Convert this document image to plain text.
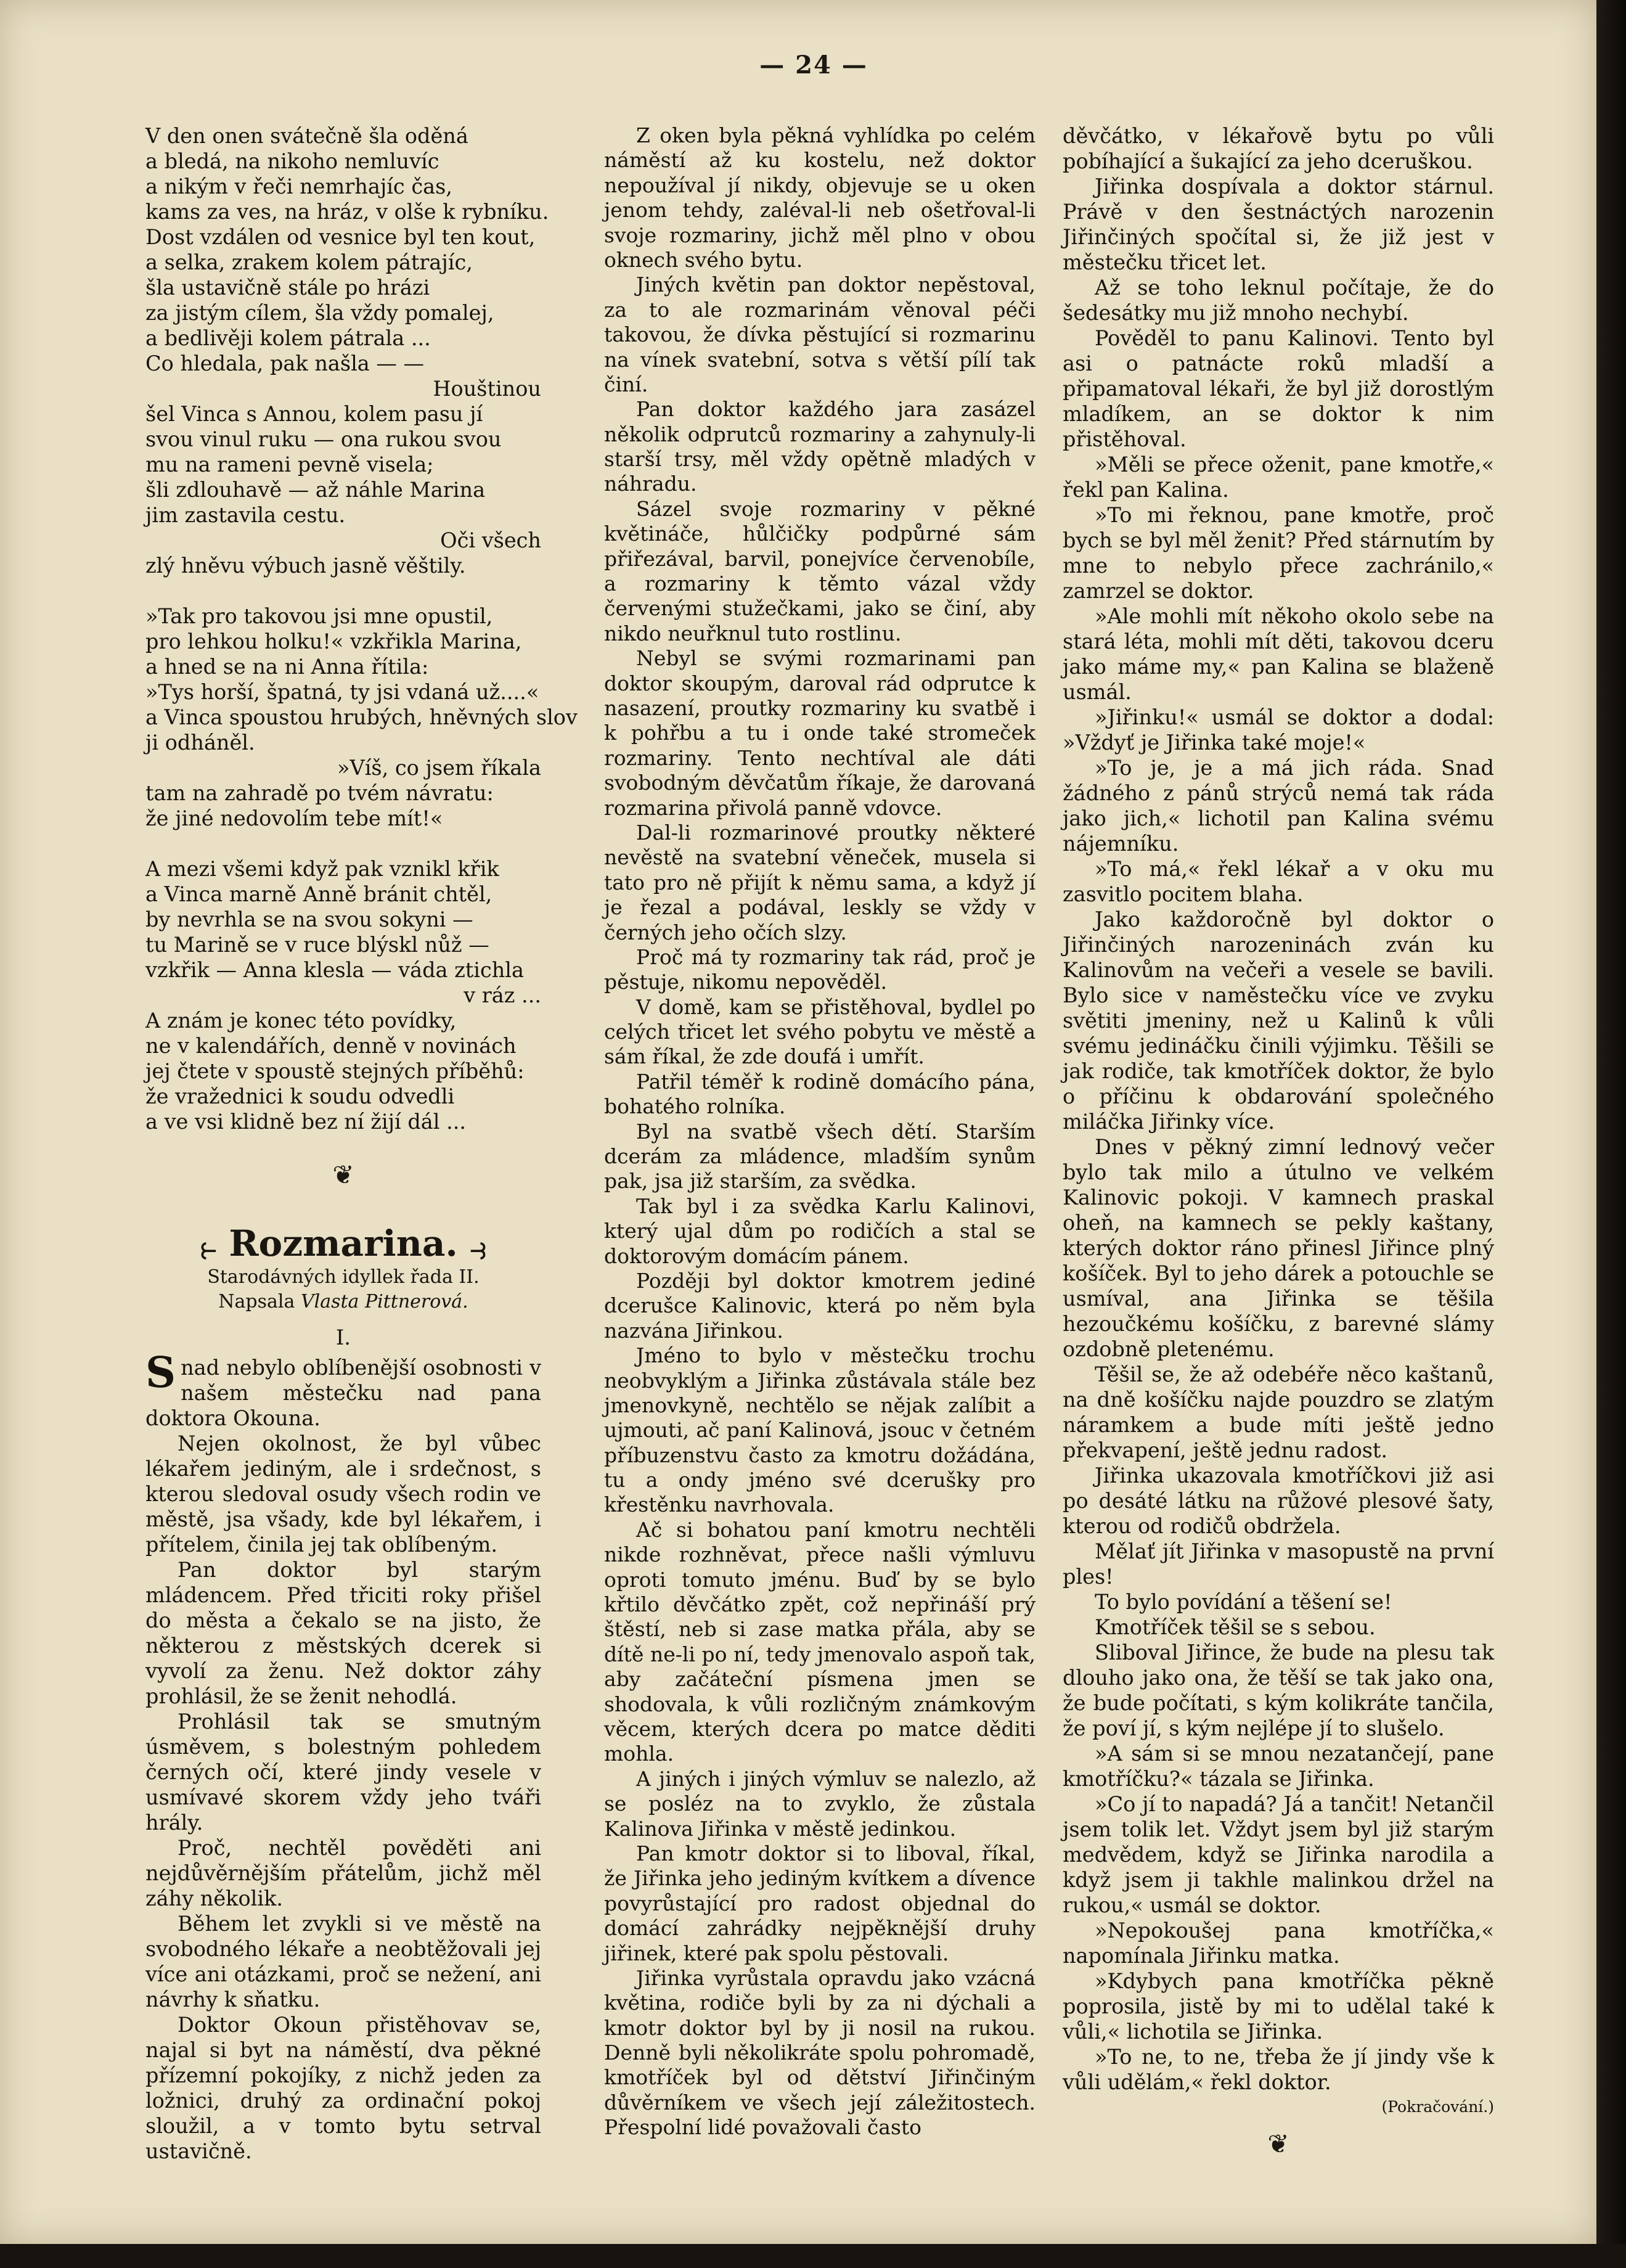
— 24 —

V den onen svátečně šla oděná

a bledá, na nikoho nemluvíc

a nikým v řeči nemrhajíc čas,

kams za ves, na hráz, v olše k rybníku.

Dost vzdálen od vesnice byl ten kout,

a selka, zrakem kolem pátrajíc,

šla ustavičně stále po hrázi

za jistým cílem, šla vždy pomalej,

a bedlivěji kolem pátrala ...

Co hledala, pak našla — —

Houštinou

šel Vinca s Annou, kolem pasu jí

svou vinul ruku — ona rukou svou

mu na rameni pevně visela;

šli zdlouhavě — až náhle Marina

jim zastavila cestu.

Oči všech

zlý hněvu výbuch jasně věštily.

»Tak pro takovou jsi mne opustil,

pro lehkou holku!« vzkřikla Marina,

a hned se na ni Anna řítila:

»Tys horší, špatná, ty jsi vdaná už....«

a Vinca spoustou hrubých, hněvných slov

ji odháněl.

»Víš, co jsem říkala

tam na zahradě po tvém návratu:

že jiné nedovolím tebe mít!«

A mezi všemi když pak vznikl křik

a Vinca marně Anně bránit chtěl,

by nevrhla se na svou sokyni —

tu Marině se v ruce blýskl nůž —

vzkřik — Anna klesla — váda ztichla

v ráz ...

A znám je konec této povídky,

ne v kalendářích, denně v novinách

jej čtete v spoustě stejných příběhů:

že vražednici k soudu odvedli

a ve vsi klidně bez ní žijí dál ...

❦
⥼ Rozmarina. ⥽

Starodávných idyllek řada II.

Napsala Vlasta Pittnerová.

I.

Snad nebylo oblíbenější osobnosti v našem městečku nad pana doktora Okouna.

Nejen okolnost, že byl vůbec lékařem jediným, ale i srdečnost, s kterou sledoval osudy všech rodin ve městě, jsa všady, kde byl lékařem, i přítelem, činila jej tak oblíbeným.

Pan doktor byl starým mládencem. Před třiciti roky přišel do města a čekalo se na jisto, že některou z městských dcerek si vyvolí za ženu. Než doktor záhy prohlásil, že se ženit nehodlá.

Prohlásil tak se smutným úsměvem, s bolestným pohledem černých očí, které jindy vesele v usmívavé skorem vždy jeho tváři hrály.

Proč, nechtěl pověděti ani nejdůvěrnějším přátelům, jichž měl záhy několik.

Během let zvykli si ve městě na svobodného lékaře a neobtěžovali jej více ani otázkami, proč se nežení, ani návrhy k sňatku.

Doktor Okoun přistěhovav se, najal si byt na náměstí, dva pěkné přízemní pokojíky, z nichž jeden za ložnici, druhý za ordinační pokoj sloužil, a v tomto bytu setrval ustavičně.

Z oken byla pěkná vyhlídka po celém náměstí až ku kostelu, než doktor nepoužíval jí nikdy, objevuje se u oken jenom tehdy, zaléval-li neb ošetřoval-li svoje rozmariny, jichž měl plno v obou oknech svého bytu.

Jiných květin pan doktor nepěstoval, za to ale rozmarinám věnoval péči takovou, že dívka pěstující si rozmarinu na vínek svatební, sotva s větší pílí tak činí.

Pan doktor každého jara zasázel několik odprutců rozmariny a zahynuly-li starší trsy, měl vždy opětně mladých v náhradu.

Sázel svoje rozmariny v pěkné květináče, hůlčičky podpůrné sám přiřezával, barvil, ponejvíce červenobíle, a rozmariny k těmto vázal vždy červenými stužečkami, jako se činí, aby nikdo neuřknul tuto rostlinu.

Nebyl se svými rozmarinami pan doktor skoupým, daroval rád odprutce k nasazení, proutky rozmariny ku svatbě i k pohřbu a tu i onde také stromeček rozmariny. Tento nechtíval ale dáti svobodným děvčatům říkaje, že darovaná rozmarina přivolá panně vdovce.

Dal-li rozmarinové proutky některé nevěstě na svatební věneček, musela si tato pro ně přijít k němu sama, a když jí je řezal a podával, leskly se vždy v černých jeho očích slzy.

Proč má ty rozmariny tak rád, proč je pěstuje, nikomu nepověděl.

V domě, kam se přistěhoval, bydlel po celých třicet let svého pobytu ve městě a sám říkal, že zde doufá i umřít.

Patřil téměř k rodině domácího pána, bohatého rolníka.

Byl na svatbě všech dětí. Starším dcerám za mládence, mladším synům pak, jsa již starším, za svědka.

Tak byl i za svědka Karlu Kalinovi, který ujal dům po rodičích a stal se doktorovým domácím pánem.

Později byl doktor kmotrem jediné dcerušce Kalinovic, která po něm byla nazvána Jiřinkou.

Jméno to bylo v městečku trochu neobvyklým a Jiřinka zůstávala stále bez jmenovkyně, nechtělo se nějak zalíbit a ujmouti, ač paní Kalinová, jsouc v četném příbuzenstvu často za kmotru dožádána, tu a ondy jméno své dcerušky pro křestěnku navrhovala.

Ač si bohatou paní kmotru nechtěli nikde rozhněvat, přece našli výmluvu oproti tomuto jménu. Buď by se bylo křtilo děvčátko zpět, což nepřináší prý štěstí, neb si zase matka přála, aby se dítě ne-li po ní, tedy jmenovalo aspoň tak, aby začáteční písmena jmen se shodovala, k vůli rozličným známkovým věcem, kterých dcera po matce děditi mohla.

A jiných i jiných výmluv se nalezlo, až se posléz na to zvyklo, že zůstala Kalinova Jiřinka v městě jedinkou.

Pan kmotr doktor si to liboval, říkal, že Jiřinka jeho jediným kvítkem a dívence povyrůstající pro radost objednal do domácí zahrádky nejpěknější druhy jiřinek, které pak spolu pěstovali.

Jiřinka vyrůstala opravdu jako vzácná květina, rodiče byli by za ni dýchali a kmotr doktor byl by ji nosil na rukou. Denně byli několikráte spolu pohromadě, kmotříček byl od dětství Jiřinčiným důvěrníkem ve všech její záležitostech. Přespolní lidé považovali často

děvčátko, v lékařově bytu po vůli pobíhající a šukající za jeho dceruškou.

Jiřinka dospívala a doktor stárnul. Právě v den šestnáctých narozenin Jiřinčiných spočítal si, že již jest v městečku třicet let.

Až se toho leknul počítaje, že do šedesátky mu již mnoho nechybí.

Pověděl to panu Kalinovi. Tento byl asi o patnácte roků mladší a připamatoval lékaři, že byl již dorostlým mladíkem, an se doktor k nim přistěhoval.

»Měli se přece oženit, pane kmotře,« řekl pan Kalina.

»To mi řeknou, pane kmotře, proč bych se byl měl ženit? Před stárnutím by mne to nebylo přece zachránilo,« zamrzel se doktor.

»Ale mohli mít někoho okolo sebe na stará léta, mohli mít děti, takovou dceru jako máme my,« pan Kalina se blaženě usmál.

»Jiřinku!« usmál se doktor a dodal: »Vždyť je Jiřinka také moje!«

»To je, je a má jich ráda. Snad žádného z pánů strýců nemá tak ráda jako jich,« lichotil pan Kalina svému nájemníku.

»To má,« řekl lékař a v oku mu zasvitlo pocitem blaha.

Jako každoročně byl doktor o Jiřinčiných narozeninách zván ku Kalinovům na večeři a vesele se bavili. Bylo sice v naměstečku více ve zvyku světiti jmeniny, než u Kalinů k vůli svému jedináčku činili výjimku. Těšili se jak rodiče, tak kmotříček doktor, že bylo o příčinu k obdarování společného miláčka Jiřinky více.

Dnes v pěkný zimní lednový večer bylo tak milo a útulno ve velkém Kalinovic pokoji. V kamnech praskal oheň, na kamnech se pekly kaštany, kterých doktor ráno přinesl Jiřince plný košíček. Byl to jeho dárek a potouchle se usmíval, ana Jiřinka se těšila hezoučkému košíčku, z barevné slámy ozdobně pletenému.

Těšil se, že až odebéře něco kaštanů, na dně košíčku najde pouzdro se zlatým náramkem a bude míti ještě jedno překvapení, ještě jednu radost.

Jiřinka ukazovala kmotříčkovi již asi po desáté látku na růžové plesové šaty, kterou od rodičů obdržela.

Mělať jít Jiřinka v masopustě na první ples!

To bylo povídání a těšení se!

Kmotříček těšil se s sebou.

Sliboval Jiřince, že bude na plesu tak dlouho jako ona, že těší se tak jako ona, že bude počítati, s kým kolikráte tančila, že poví jí, s kým nejlépe jí to slušelo.

»A sám si se mnou nezatančejí, pane kmotříčku?« tázala se Jiřinka.

»Co jí to napadá? Já a tančit! Netančil jsem tolik let. Vždyt jsem byl již starým medvědem, když se Jiřinka narodila a když jsem ji takhle malinkou držel na rukou,« usmál se doktor.

»Nepokoušej pana kmotříčka,« napomínala Jiřinku matka.

»Kdybych pana kmotříčka pěkně poprosila, jistě by mi to udělal také k vůli,« lichotila se Jiřinka.

»To ne, to ne, třeba že jí jindy vše k vůli udělám,« řekl doktor.

(Pokračování.)

❦
